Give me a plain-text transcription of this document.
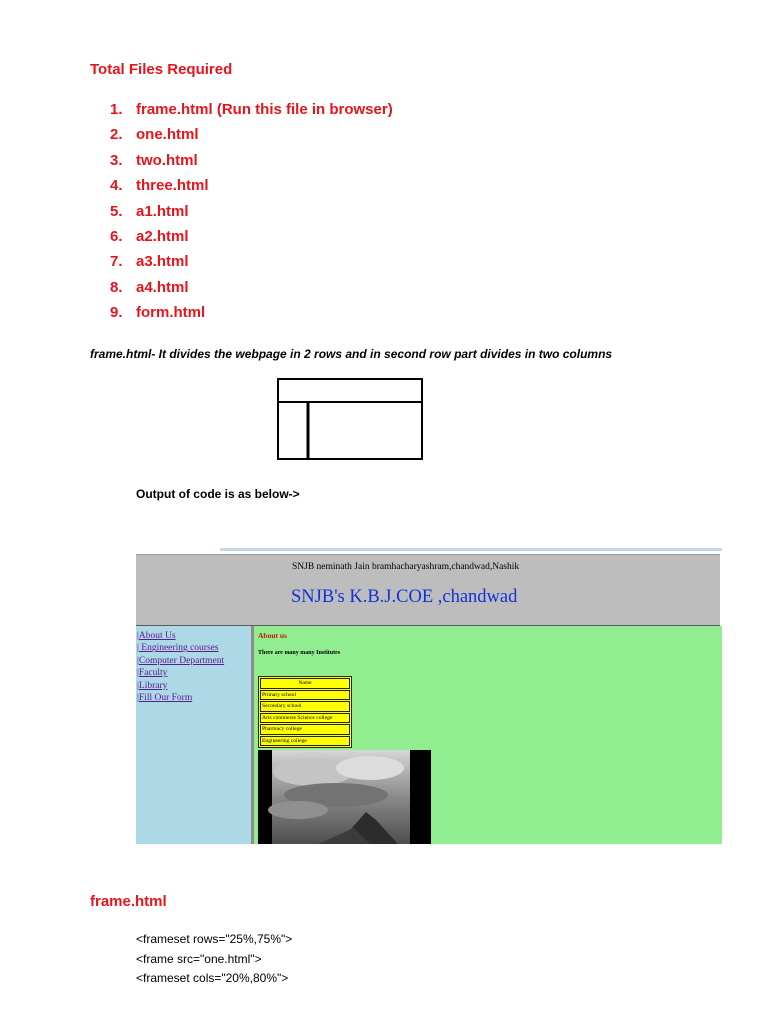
Total Files Required
1. frame.html (Run this file in browser)
2. one.html
3. two.html
4. three.html
5. a1.html
6. a2.html
7. a3.html
8. a4.html
9. form.html
frame.html- It divides the webpage in 2 rows and in second row part divides in two columns
Output of code is as below->
SNJB neminath Jain bramhacharyashram,chandwad,Nashik
SNJB's K.B.J.COE ,chandwad
|About Us
| Engineering courses
|Computer Department
|Faculty
|Library
|Fill Our Form
About us
There are many many Institutes
Name
Primary school
Secondary school
Arts commerse Science college
Pharmacy college
Engineering college
frame.html
<frameset rows="25%,75%">
<frame src="one.html">
<frameset cols="20%,80%">
